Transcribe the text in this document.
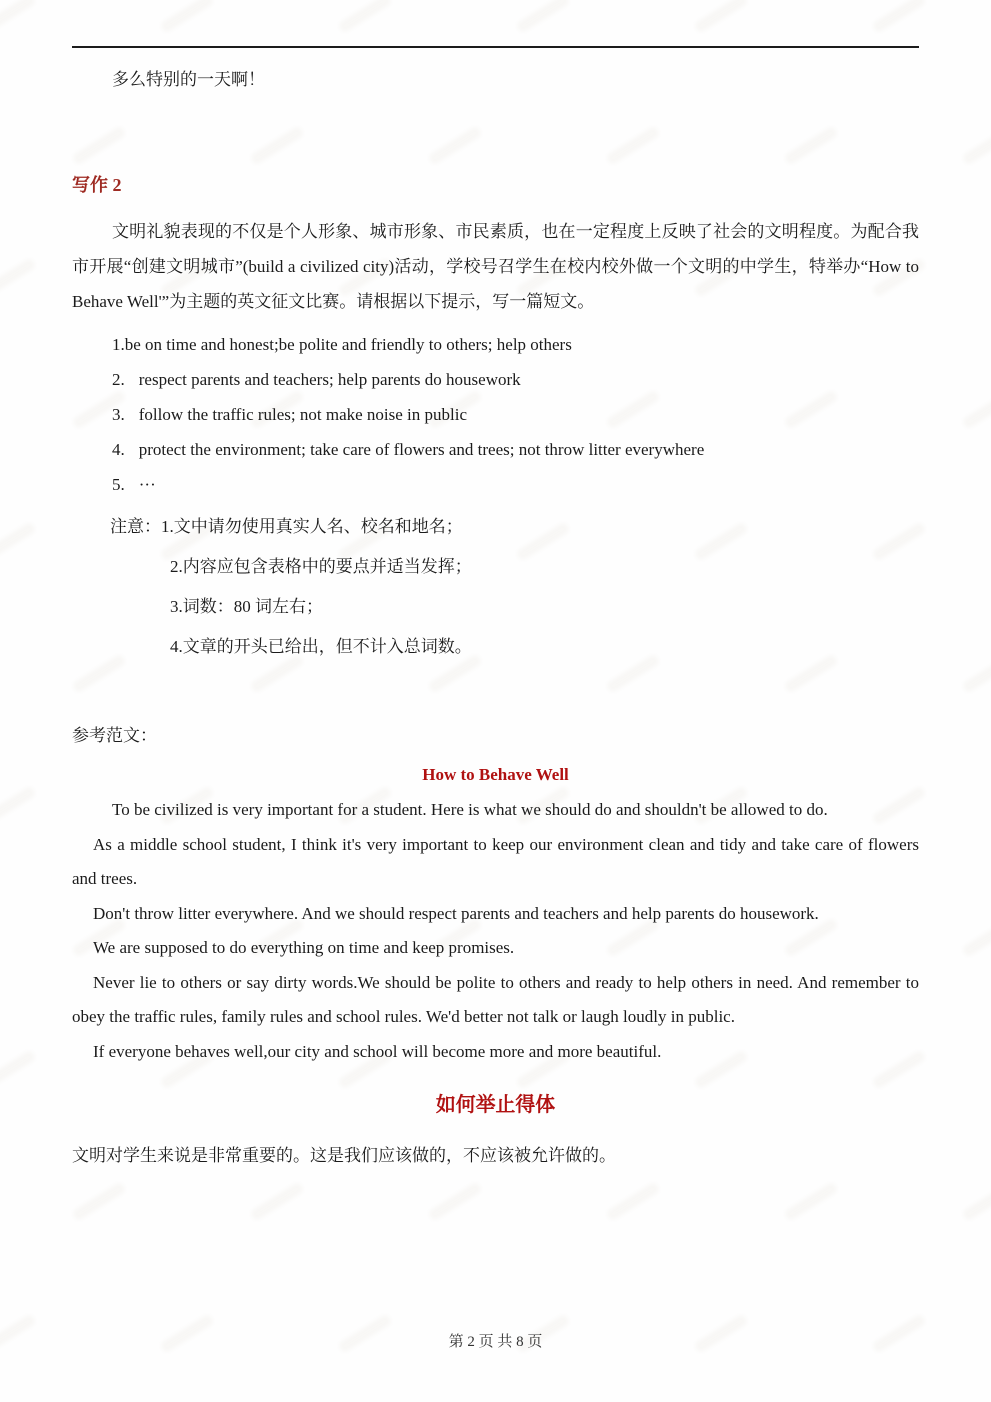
多么特别的一天啊！

写作 2

文明礼貌表现的不仅是个人形象、城市形象、市民素质，也在一定程度上反映了社会的文明程度。为配合我市开展“创建文明城市”(build a civilized city)活动，学校号召学生在校内校外做一个文明的中学生，特举办“How to Behave Well'”为主题的英文征文比赛。请根据以下提示，写一篇短文。

1.be on time and honest;be polite and friendly to others; help others
2. respect parents and teachers; help parents do housework
3. follow the traffic rules; not make noise in public
4. protect the environment; take care of flowers and trees; not throw litter everywhere
5. ···
注意：1.文中请勿使用真实人名、校名和地名；
2.内容应包含表格中的要点并适当发挥；
3.词数：80 词左右；
4.文章的开头已给出，但不计入总词数。

参考范文：

How to Behave Well

To be civilized is very important for a student. Here is what we should do and shouldn't be allowed to do.

As a middle school student, I think it's very important to keep our environment clean and tidy and take care of flowers and trees.

Don't throw litter everywhere. And we should respect parents and teachers and help parents do housework.

We are supposed to do everything on time and keep promises.

Never lie to others or say dirty words.We should be polite to others and ready to help others in need. And remember to obey the traffic rules, family rules and school rules. We'd better not talk or laugh loudly in public.

If everyone behaves well,our city and school will become more and more beautiful.

如何举止得体

文明对学生来说是非常重要的。这是我们应该做的，不应该被允许做的。

第 2 页 共 8 页
